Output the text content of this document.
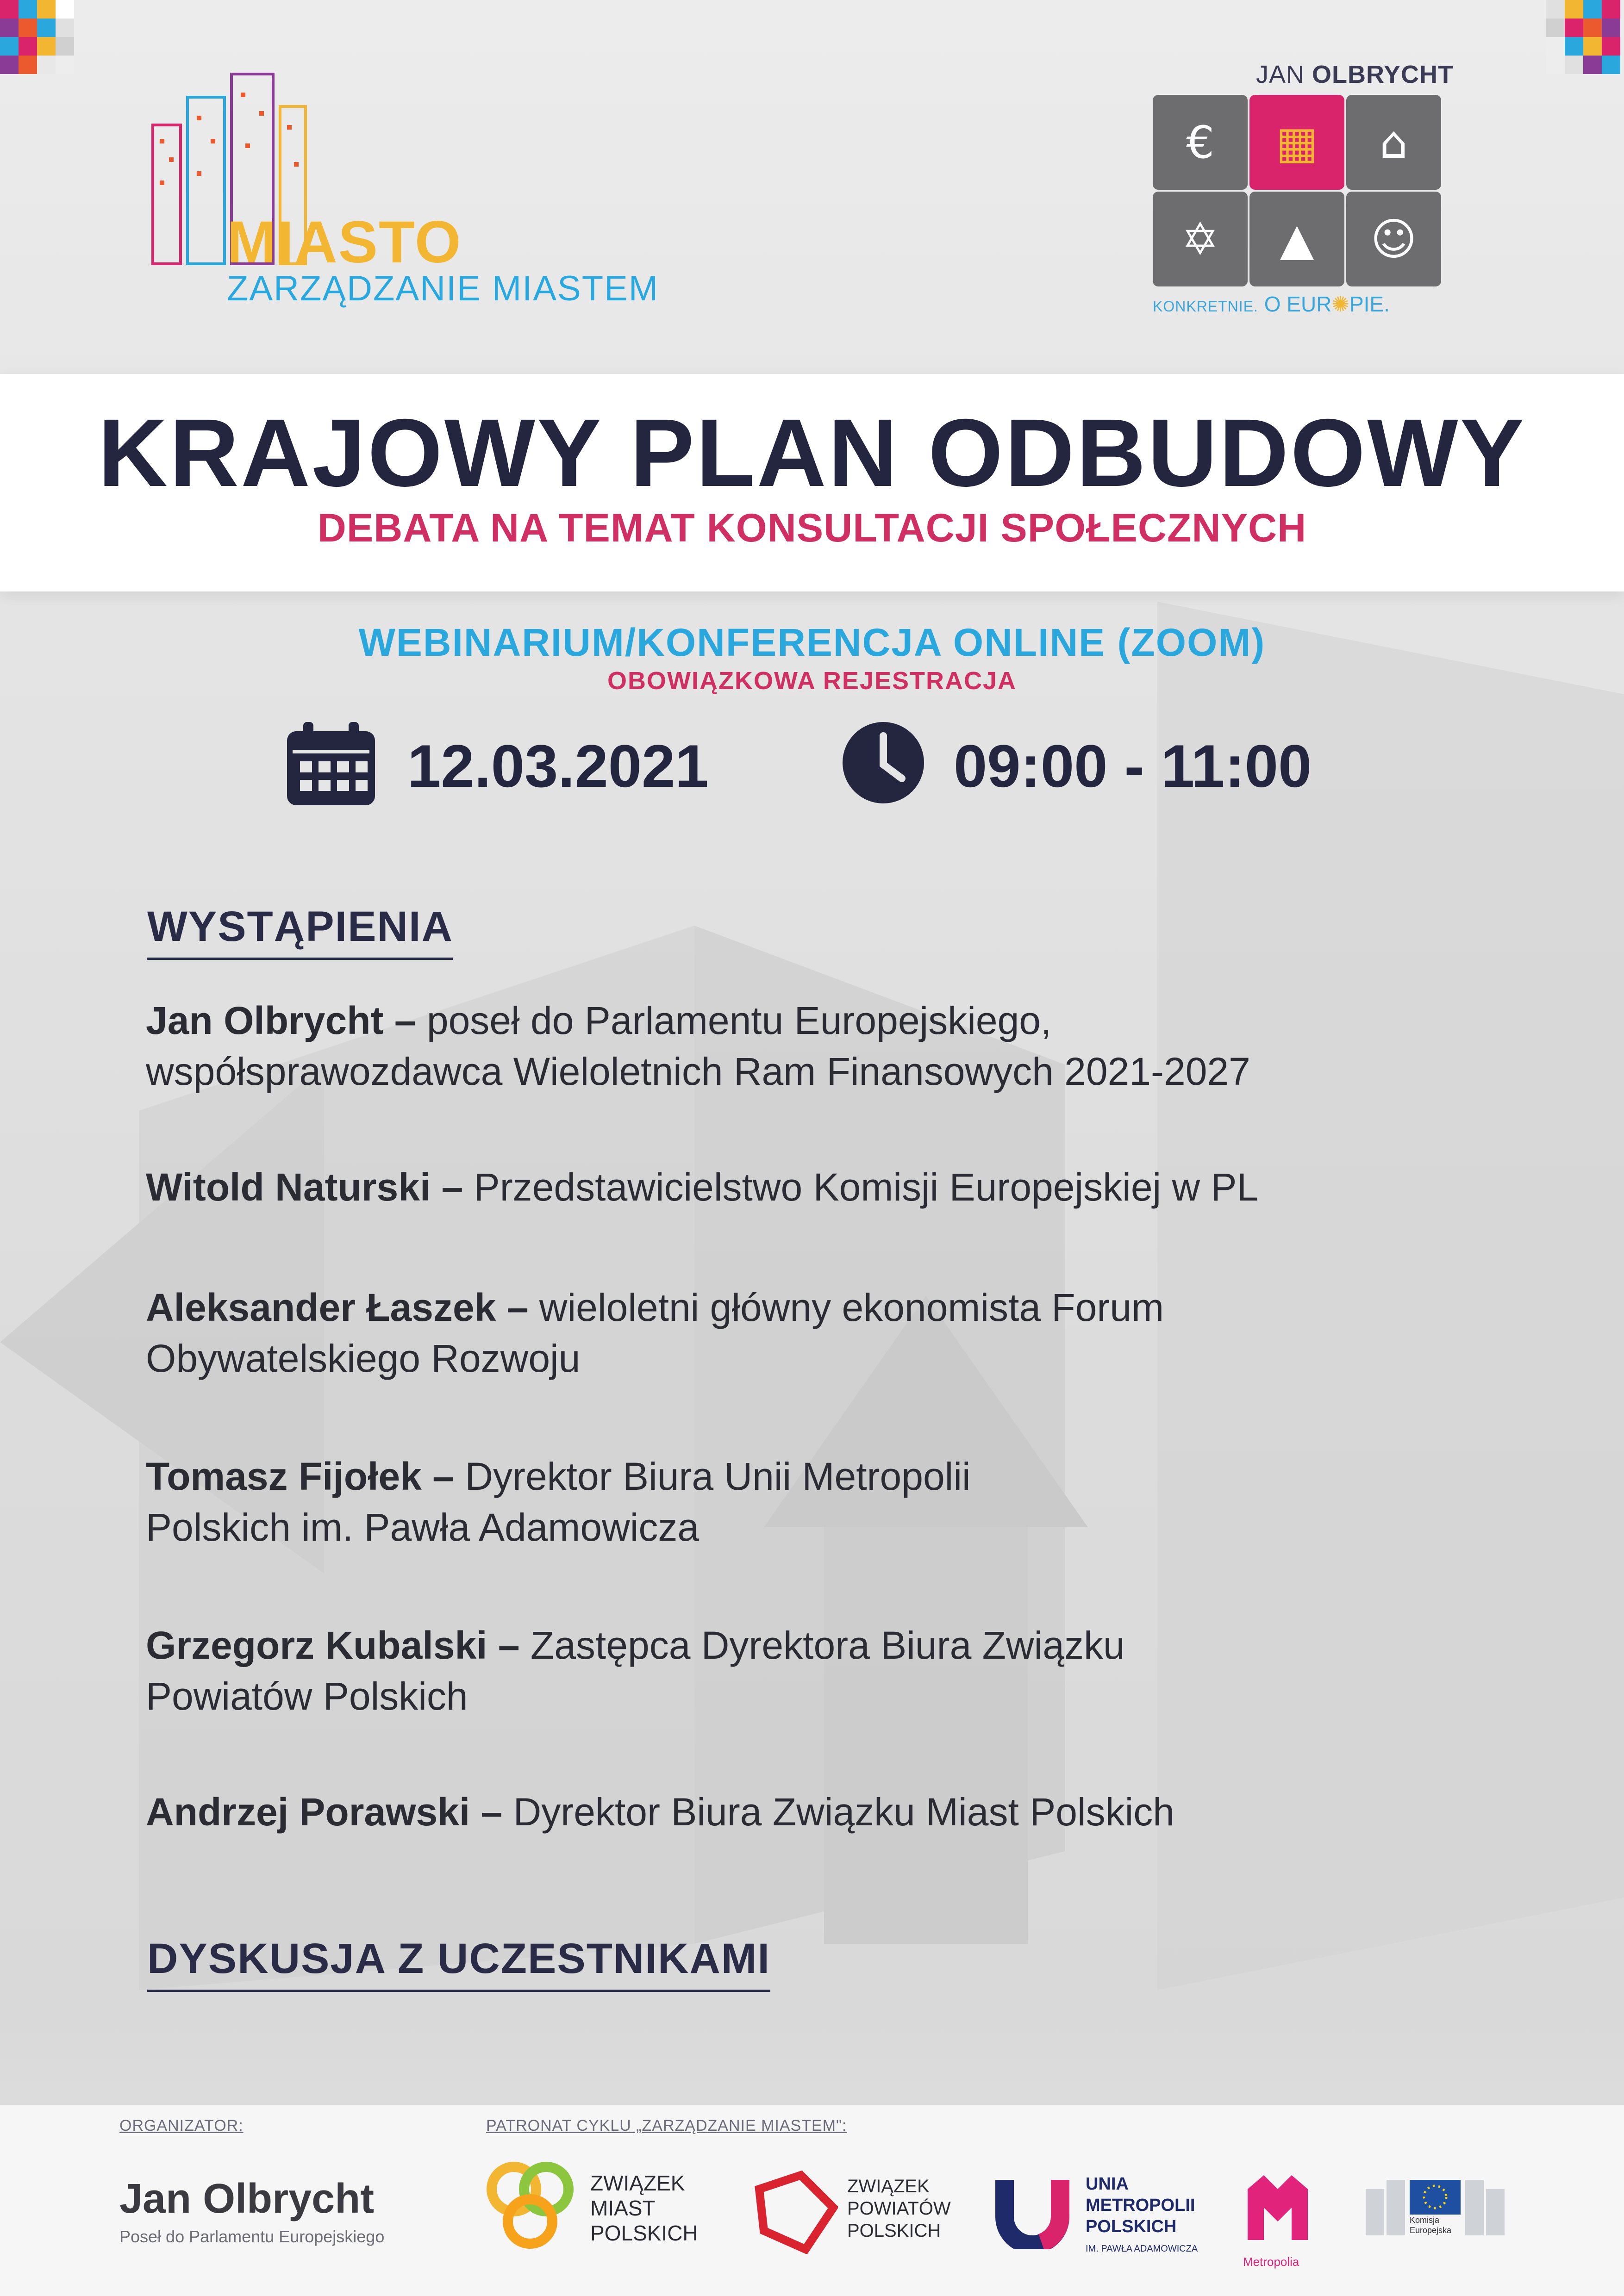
MIASTO
ZARZĄDZANIE MIASTEM
JAN OLBRYCHT
€	▦	⌂
✡	▲	☺
KONKRETNIE. O EUR✺PIE.
KRAJOWY PLAN ODBUDOWY
DEBATA NA TEMAT KONSULTACJI SPOŁECZNYCH
WEBINARIUM/KONFERENCJA ONLINE (ZOOM)
OBOWIĄZKOWA REJESTRACJA
12.03.2021	09:00 - 11:00
WYSTĄPIENIA
Jan Olbrycht – poseł do Parlamentu Europejskiego,
współsprawozdawca Wieloletnich Ram Finansowych 2021-2027
Witold Naturski – Przedstawicielstwo Komisji Europejskiej w PL
Aleksander Łaszek – wieloletni główny ekonomista Forum
Obywatelskiego Rozwoju
Tomasz Fijołek – Dyrektor Biura Unii Metropolii
Polskich im. Pawła Adamowicza
Grzegorz Kubalski – Zastępca Dyrektora Biura Związku
Powiatów Polskich
Andrzej Porawski – Dyrektor Biura Związku Miast Polskich
DYSKUSJA Z UCZESTNIKAMI
ORGANIZATOR:	PATRONAT CYKLU „ZARZĄDZANIE MIASTEM":
Jan Olbrycht
Poseł do Parlamentu Europejskiego
ZWIĄZEK
MIAST
POLSKICH
ZWIĄZEK
POWIATÓW
POLSKICH
UNIA
METROPOLII
POLSKICH
IM. PAWŁA ADAMOWICZA
Metropolia
Komisja
Europejska
